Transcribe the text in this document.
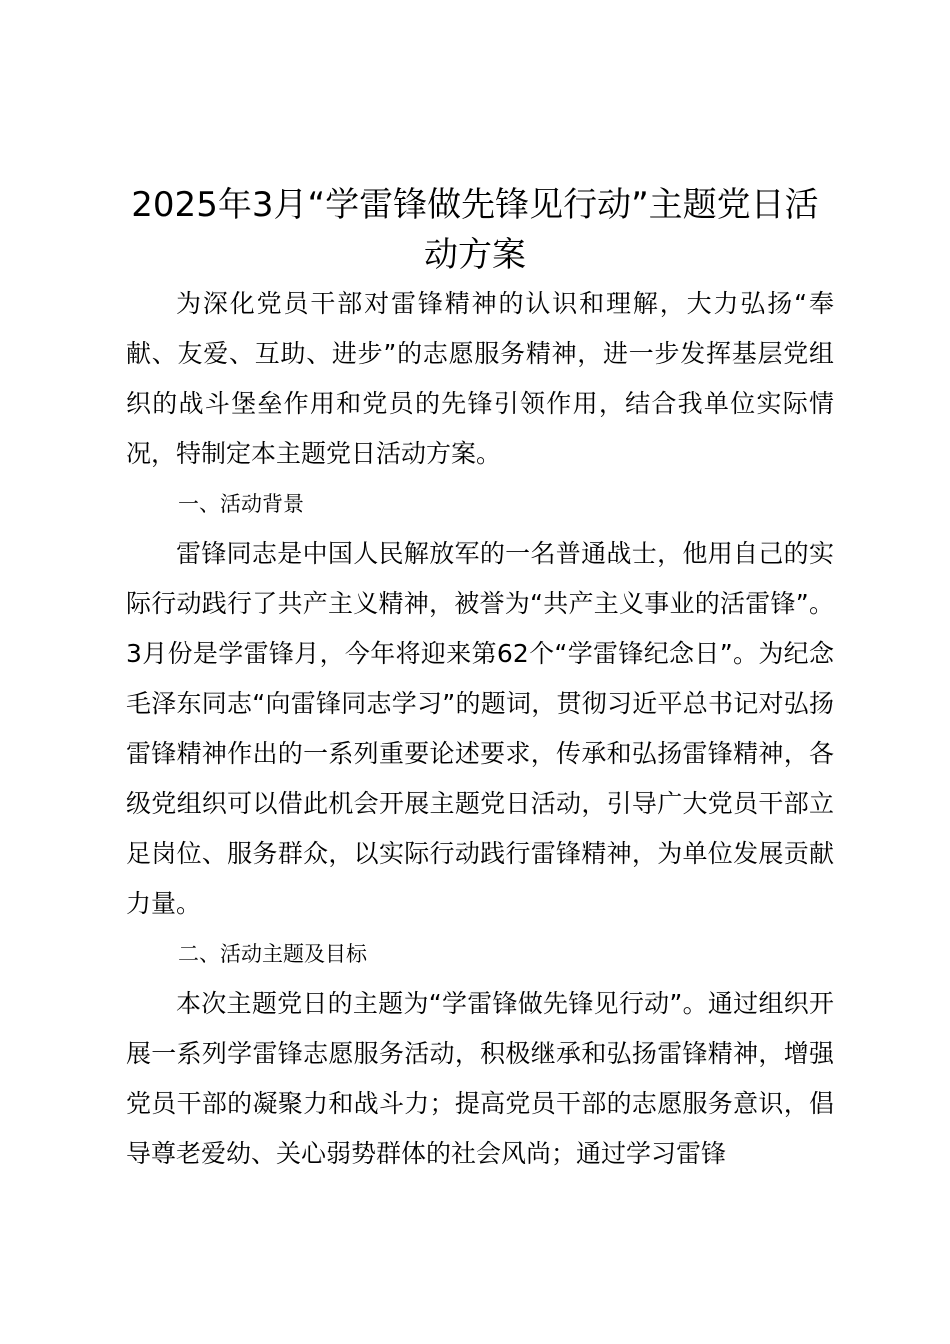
2025年3月“学雷锋做先锋见行动”主题党日活动方案

为深化党员干部对雷锋精神的认识和理解，大力弘扬“奉献、友爱、互助、进步”的志愿服务精神，进一步发挥基层党组织的战斗堡垒作用和党员的先锋引领作用，结合我单位实际情况，特制定本主题党日活动方案。

一、活动背景

雷锋同志是中国人民解放军的一名普通战士，他用自己的实际行动践行了共产主义精神，被誉为“共产主义事业的活雷锋”。3月份是学雷锋月，今年将迎来第62个“学雷锋纪念日”。为纪念毛泽东同志“向雷锋同志学习”的题词，贯彻习近平总书记对弘扬雷锋精神作出的一系列重要论述要求，传承和弘扬雷锋精神，各级党组织可以借此机会开展主题党日活动，引导广大党员干部立足岗位、服务群众，以实际行动践行雷锋精神，为单位发展贡献力量。

二、活动主题及目标

本次主题党日的主题为“学雷锋做先锋见行动”。通过组织开展一系列学雷锋志愿服务活动，积极继承和弘扬雷锋精神，增强党员干部的凝聚力和战斗力；提高党员干部的志愿服务意识，倡导尊老爱幼、关心弱势群体的社会风尚；通过学习雷锋
